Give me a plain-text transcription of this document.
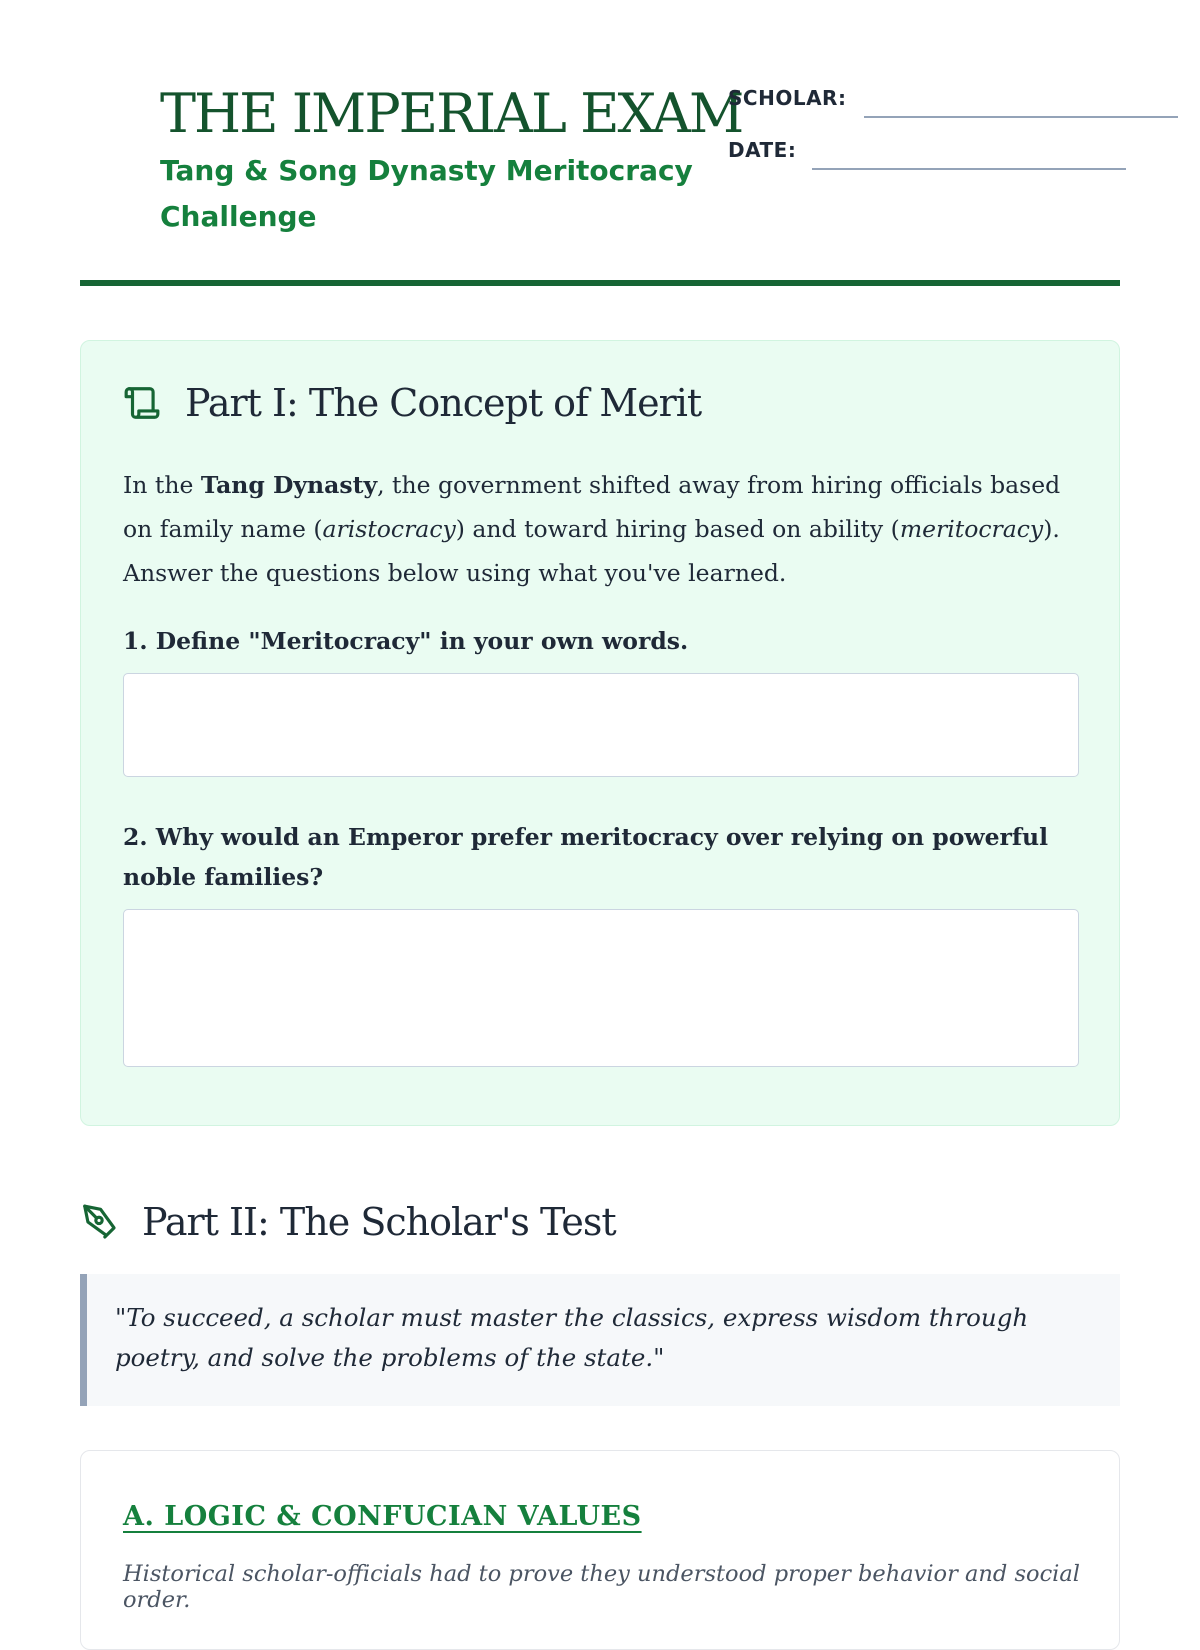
THE IMPERIAL EXAM
Tang & Song Dynasty Meritocracy Challenge
SCHOLAR:
DATE:
Part I: The Concept of Merit

In the Tang Dynasty, the government shifted away from hiring officials based on family name (aristocracy) and toward hiring based on ability (meritocracy). Answer the questions below using what you've learned.

1. Define "Meritocracy" in your own words.

2. Why would an Emperor prefer meritocracy over relying on powerful noble families?

Part II: The Scholar's Test
"To succeed, a scholar must master the classics, express wisdom through poetry, and solve the problems of the state."
A. LOGIC & CONFUCIAN VALUES

Historical scholar-officials had to prove they understood proper behavior and social order.
